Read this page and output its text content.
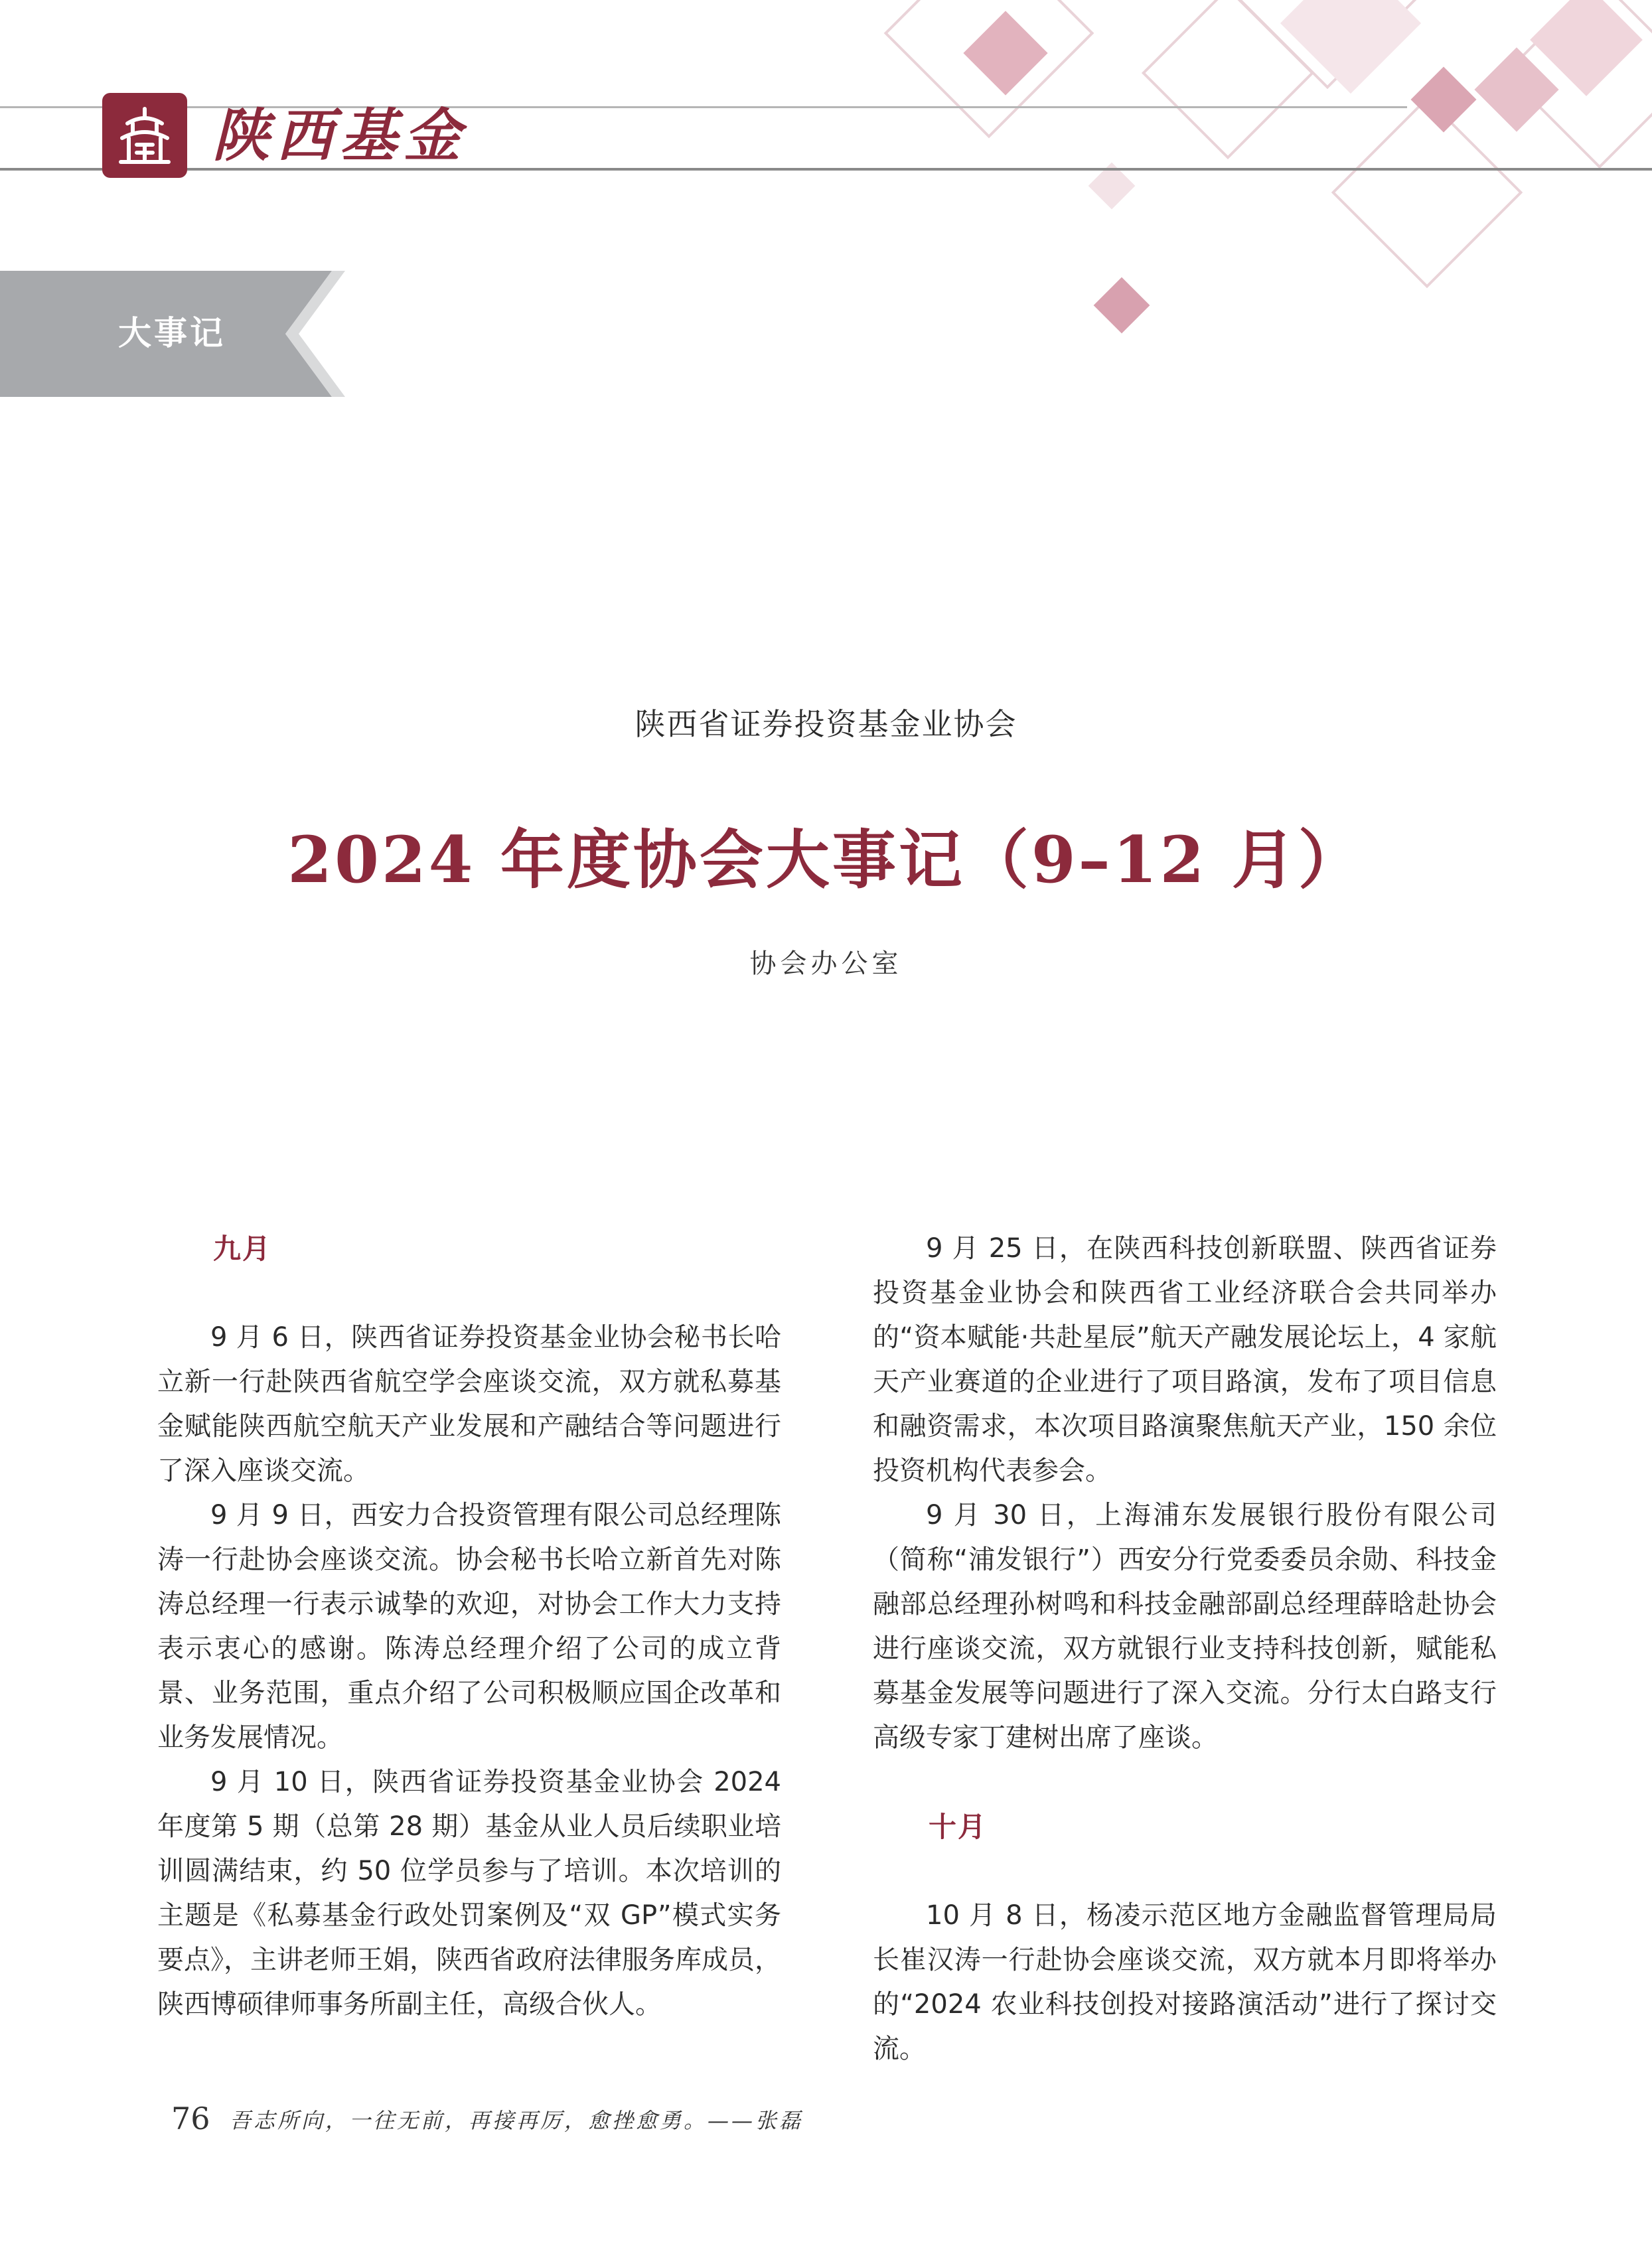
陕西基金
大事记
陕西省证券投资基金业协会
2024 年度协会大事记（9–12 月）
协会办公室
九月

9 月 6 日，陕西省证券投资基金业协会秘书长哈立新一行赴陕西省航空学会座谈交流，双方就私募基金赋能陕西航空航天产业发展和产融结合等问题进行了深入座谈交流。

9 月 9 日，西安力合投资管理有限公司总经理陈涛一行赴协会座谈交流。协会秘书长哈立新首先对陈涛总经理一行表示诚挚的欢迎，对协会工作大力支持表示衷心的感谢。陈涛总经理介绍了公司的成立背景、业务范围，重点介绍了公司积极顺应国企改革和业务发展情况。

9 月 10 日，陕西省证券投资基金业协会 2024 年度第 5 期（总第 28 期）基金从业人员后续职业培训圆满结束，约 50 位学员参与了培训。本次培训的主题是《私募基金行政处罚案例及“双 GP”模式实务要点》，主讲老师王娟，陕西省政府法律服务库成员，陕西博硕律师事务所副主任，高级合伙人。

9 月 25 日，在陕西科技创新联盟、陕西省证券投资基金业协会和陕西省工业经济联合会共同举办的“资本赋能·共赴星辰”航天产融发展论坛上，4 家航天产业赛道的企业进行了项目路演，发布了项目信息和融资需求，本次项目路演聚焦航天产业，150 余位投资机构代表参会。

9 月 30 日，上海浦东发展银行股份有限公司（简称“浦发银行”）西安分行党委委员余勋、科技金融部总经理孙树鸣和科技金融部副总经理薛晗赴协会进行座谈交流，双方就银行业支持科技创新，赋能私募基金发展等问题进行了深入交流。分行太白路支行高级专家丁建树出席了座谈。

十月

10 月 8 日，杨凌示范区地方金融监督管理局局长崔汉涛一行赴协会座谈交流，双方就本月即将举办的“2024 农业科技创投对接路演活动”进行了探讨交流。

76 吾志所向，一往无前，再接再厉，愈挫愈勇。——张磊
